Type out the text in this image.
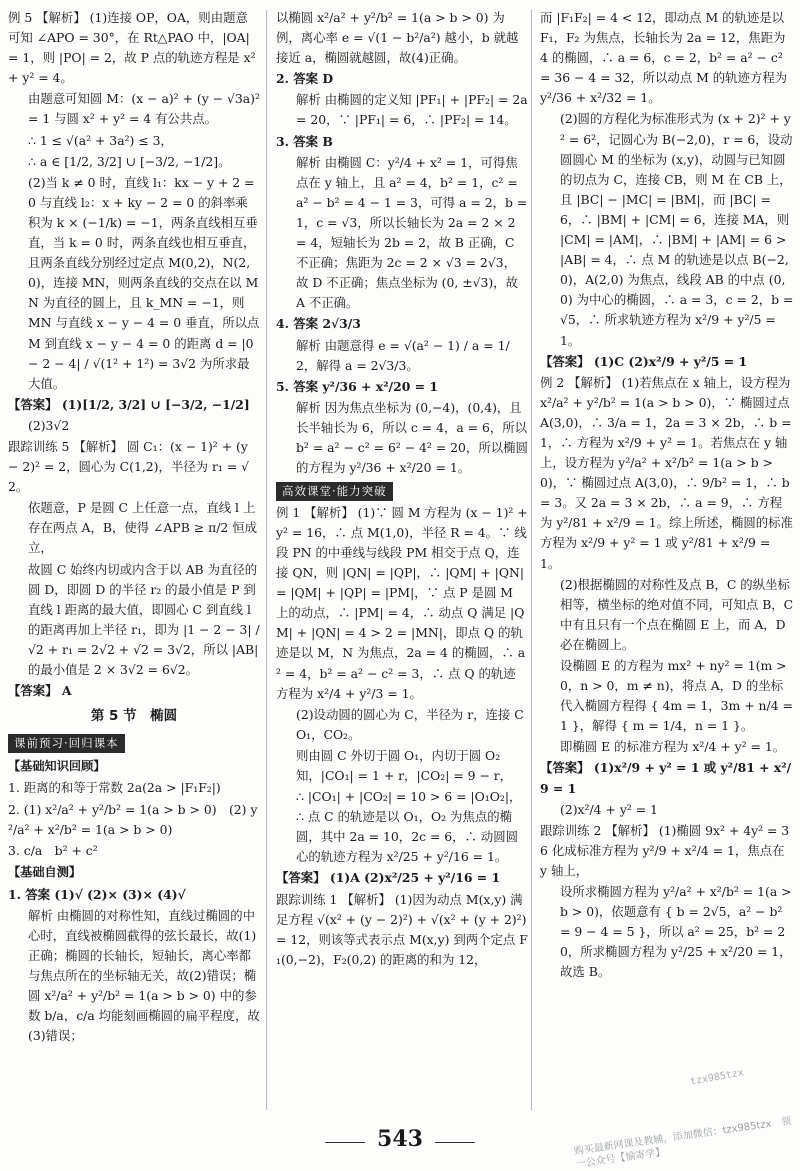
例 5 【解析】 (1)连接 OP，OA，则由题意可知 ∠APO = 30°，在 Rt△PAO 中，|OA| = 1，则 |PO| = 2，故 P 点的轨迹方程是 x² + y² = 4。

由题意可知圆 M：(x − a)² + (y − √3a)² = 1 与圆 x² + y² = 4 有公共点。

∴ 1 ≤ √(a² + 3a²) ≤ 3，

∴ a ∈ [1/2, 3/2] ∪ [−3/2, −1/2]。

(2)当 k ≠ 0 时，直线 l₁：kx − y + 2 = 0 与直线 l₂：x + ky − 2 = 0 的斜率乘积为 k × (−1/k) = −1，两条直线相互垂直，当 k = 0 时，两条直线也相互垂直，且两条直线分别经过定点 M(0,2)，N(2,0)，连接 MN，则两条直线的交点在以 MN 为直径的圆上，且 k_MN = −1，则 MN 与直线 x − y − 4 = 0 垂直，所以点 M 到直线 x − y − 4 = 0 的距离 d = |0 − 2 − 4| / √(1² + 1²) = 3√2 为所求最大值。

【答案】 (1)[1/2, 3/2] ∪ [−3/2, −1/2]

(2)3√2

跟踪训练 5 【解析】 圆 C₁：(x − 1)² + (y − 2)² = 2，圆心为 C(1,2)，半径为 r₁ = √2。

依题意，P 是圆 C 上任意一点，直线 l 上存在两点 A，B，使得 ∠APB ≥ π/2 恒成立，

故圆 C 始终内切或内含于以 AB 为直径的圆 D，即圆 D 的半径 r₂ 的最小值是 P 到直线 l 距离的最大值，即圆心 C 到直线 l 的距离再加上半径 r₁，即为 |1 − 2 − 3| / √2 + r₁ = 2√2 + √2 = 3√2，所以 |AB| 的最小值是 2 × 3√2 = 6√2。

【答案】 A

第 5 节　椭圆
课前预习·回归课本
【基础知识回顾】

1. 距离的和等于常数 2a(2a > |F₁F₂|)

2. (1) x²/a² + y²/b² = 1(a > b > 0)　(2) y²/a² + x²/b² = 1(a > b > 0)

3. c/a　b² + c²

【基础自测】

1. 答案 (1)√ (2)× (3)× (4)√

解析 由椭圆的对称性知，直线过椭圆的中心时，直线被椭圆截得的弦长最长，故(1)正确；椭圆的长轴长，短轴长，离心率都与焦点所在的坐标轴无关，故(2)错误；椭圆 x²/a² + y²/b² = 1(a > b > 0) 中的参数 b/a，c/a 均能刻画椭圆的扁平程度，故(3)错误；

以椭圆 x²/a² + y²/b² = 1(a > b > 0) 为例，离心率 e = √(1 − b²/a²) 越小，b 就越接近 a，椭圆就越圆，故(4)正确。

2. 答案 D

解析 由椭圆的定义知 |PF₁| + |PF₂| = 2a = 20，∵ |PF₁| = 6，∴ |PF₂| = 14。

3. 答案 B

解析 由椭圆 C：y²/4 + x² = 1，可得焦点在 y 轴上，且 a² = 4，b² = 1，c² = a² − b² = 4 − 1 = 3，可得 a = 2，b = 1，c = √3，所以长轴长为 2a = 2 × 2 = 4，短轴长为 2b = 2，故 B 正确，C 不正确；焦距为 2c = 2 × √3 = 2√3，故 D 不正确；焦点坐标为 (0, ±√3)，故 A 不正确。

4. 答案 2√3/3

解析 由题意得 e = √(a² − 1) / a = 1/2，解得 a = 2√3/3。

5. 答案 y²/36 + x²/20 = 1

解析 因为焦点坐标为 (0,−4)，(0,4)，且长半轴长为 6，所以 c = 4，a = 6，所以 b² = a² − c² = 6² − 4² = 20，所以椭圆的方程为 y²/36 + x²/20 = 1。

高效课堂·能力突破

例 1 【解析】 (1)∵ 圆 M 方程为 (x − 1)² + y² = 16，∴ 点 M(1,0)，半径 R = 4。∵ 线段 PN 的中垂线与线段 PM 相交于点 Q，连接 QN，则 |QN| = |QP|，∴ |QM| + |QN| = |QM| + |QP| = |PM|，∵ 点 P 是圆 M 上的动点，∴ |PM| = 4，∴ 动点 Q 满足 |QM| + |QN| = 4 > 2 = |MN|，即点 Q 的轨迹是以 M，N 为焦点，2a = 4 的椭圆，∴ a² = 4，b² = a² − c² = 3，∴ 点 Q 的轨迹方程为 x²/4 + y²/3 = 1。

(2)设动圆的圆心为 C，半径为 r，连接 CO₁，CO₂。

则由圆 C 外切于圆 O₁，内切于圆 O₂ 知，|CO₁| = 1 + r，|CO₂| = 9 − r，

∴ |CO₁| + |CO₂| = 10 > 6 = |O₁O₂|，∴ 点 C 的轨迹是以 O₁，O₂ 为焦点的椭圆，其中 2a = 10，2c = 6，∴ 动圆圆心的轨迹方程为 x²/25 + y²/16 = 1。

【答案】 (1)A (2)x²/25 + y²/16 = 1

跟踪训练 1 【解析】 (1)因为动点 M(x,y) 满足方程 √(x² + (y − 2)²) + √(x² + (y + 2)²) = 12，则该等式表示点 M(x,y) 到两个定点 F₁(0,−2)，F₂(0,2) 的距离的和为 12，

而 |F₁F₂| = 4 < 12，即动点 M 的轨迹是以 F₁，F₂ 为焦点，长轴长为 2a = 12，焦距为 4 的椭圆，∴ a = 6，c = 2，b² = a² − c² = 36 − 4 = 32，所以动点 M 的轨迹方程为 y²/36 + x²/32 = 1。

(2)圆的方程化为标准形式为 (x + 2)² + y² = 6²，记圆心为 B(−2,0)，r = 6，设动圆圆心 M 的坐标为 (x,y)，动圆与已知圆的切点为 C，连接 CB，则 M 在 CB 上，且 |BC| − |MC| = |BM|，而 |BC| = 6，∴ |BM| + |CM| = 6，连接 MA，则 |CM| = |AM|，∴ |BM| + |AM| = 6 > |AB| = 4，∴ 点 M 的轨迹是以点 B(−2,0)，A(2,0) 为焦点，线段 AB 的中点 (0,0) 为中心的椭圆，∴ a = 3，c = 2，b = √5，∴ 所求轨迹方程为 x²/9 + y²/5 = 1。

【答案】 (1)C (2)x²/9 + y²/5 = 1

例 2 【解析】 (1)若焦点在 x 轴上，设方程为 x²/a² + y²/b² = 1(a > b > 0)，∵ 椭圆过点 A(3,0)，∴ 3/a = 1，2a = 3 × 2b，∴ b = 1，∴ 方程为 x²/9 + y² = 1。若焦点在 y 轴上，设方程为 y²/a² + x²/b² = 1(a > b > 0)，∵ 椭圆过点 A(3,0)，∴ 9/b² = 1，∴ b = 3。又 2a = 3 × 2b，∴ a = 9，∴ 方程为 y²/81 + x²/9 = 1。综上所述，椭圆的标准方程为 x²/9 + y² = 1 或 y²/81 + x²/9 = 1。

(2)根据椭圆的对称性及点 B，C 的纵坐标相等，横坐标的绝对值不同，可知点 B，C 中有且只有一个点在椭圆 E 上，而 A，D 必在椭圆上。

设椭圆 E 的方程为 mx² + ny² = 1(m > 0，n > 0，m ≠ n)，将点 A，D 的坐标代入椭圆方程得 { 4m = 1，3m + n/4 = 1 }，解得 { m = 1/4，n = 1 }。

即椭圆 E 的标准方程为 x²/4 + y² = 1。

【答案】 (1)x²/9 + y² = 1 或 y²/81 + x²/9 = 1

(2)x²/4 + y² = 1

跟踪训练 2 【解析】 (1)椭圆 9x² + 4y² = 36 化成标准方程为 y²/9 + x²/4 = 1，焦点在 y 轴上，

设所求椭圆方程为 y²/a² + x²/b² = 1(a > b > 0)，依题意有 { b = 2√5，a² − b² = 9 − 4 = 5 }，所以 a² = 25，b² = 20，所求椭圆方程为 y²/25 + x²/20 = 1，故选 B。

tzx985tzx
543	购买最新网课及教辅，添加微信：tzx985tzx　领一公众号【愉寄学】
